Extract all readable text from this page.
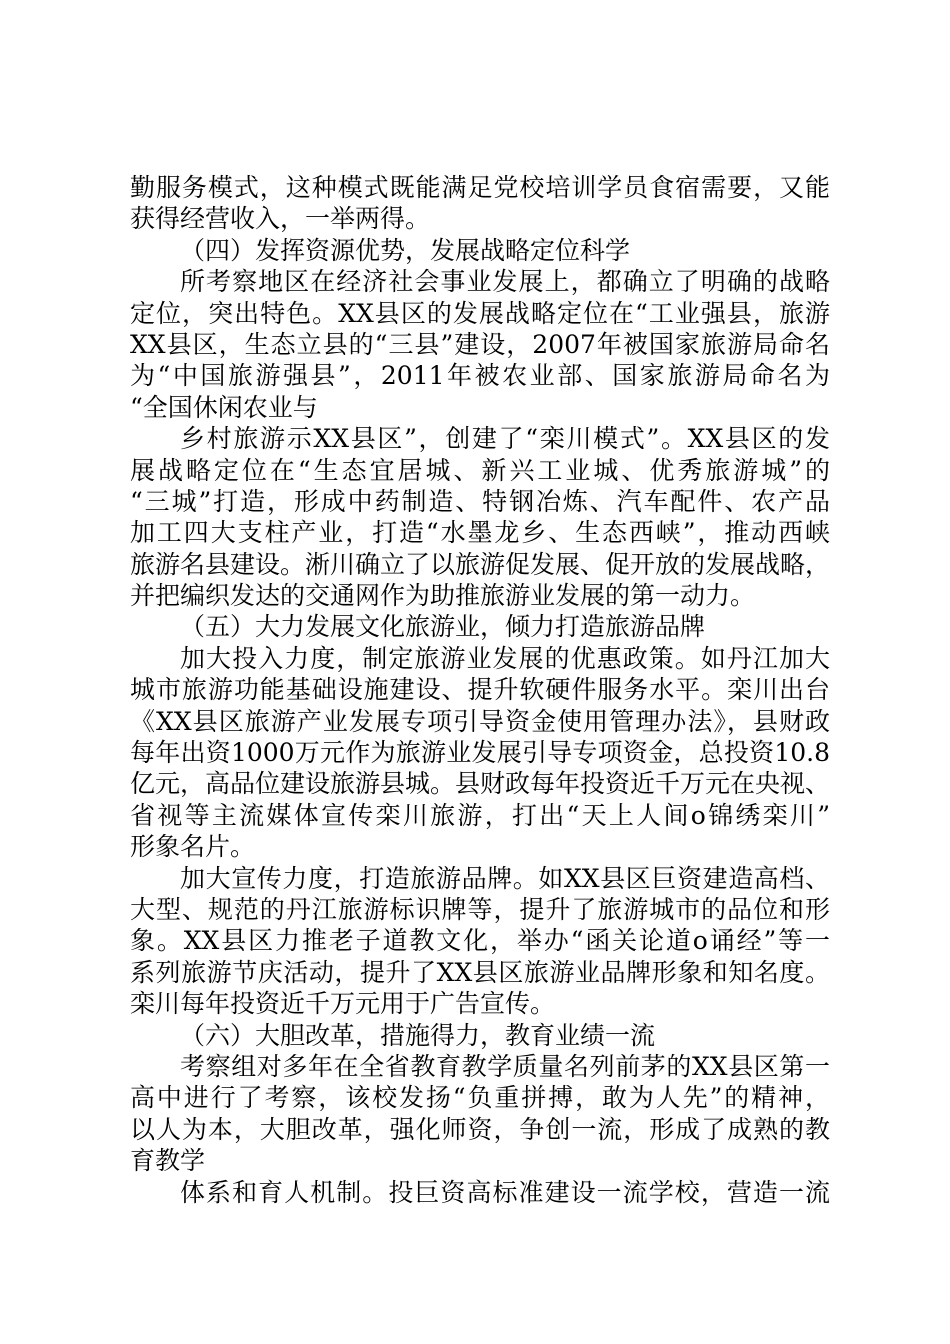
勤服务模式，这种模式既能满足党校培训学员食宿需要，又能
获得经营收入，一举两得。
（四）发挥资源优势，发展战略定位科学
所考察地区在经济社会事业发展上，都确立了明确的战略
定位，突出特色。XX县区的发展战略定位在“工业强县，旅游
XX县区，生态立县的“三县”建设，2007年被国家旅游局命名
为“中国旅游强县”，2011年被农业部、国家旅游局命名为
“全国休闲农业与
乡村旅游示XX县区”，创建了“栾川模式”。XX县区的发
展战略定位在“生态宜居城、新兴工业城、优秀旅游城”的
“三城”打造，形成中药制造、特钢冶炼、汽车配件、农产品
加工四大支柱产业，打造“水墨龙乡、生态西峡”，推动西峡
旅游名县建设。淅川确立了以旅游促发展、促开放的发展战略，
并把编织发达的交通网作为助推旅游业发展的第一动力。
（五）大力发展文化旅游业，倾力打造旅游品牌
加大投入力度，制定旅游业发展的优惠政策。如丹江加大
城市旅游功能基础设施建设、提升软硬件服务水平。栾川出台
《XX县区旅游产业发展专项引导资金使用管理办法》，县财政
每年出资1000万元作为旅游业发展引导专项资金，总投资10.8
亿元，高品位建设旅游县城。县财政每年投资近千万元在央视、
省视等主流媒体宣传栾川旅游，打出“天上人间o锦绣栾川”
形象名片。
加大宣传力度，打造旅游品牌。如XX县区巨资建造高档、
大型、规范的丹江旅游标识牌等，提升了旅游城市的品位和形
象。XX县区力推老子道教文化，举办“函关论道o诵经”等一
系列旅游节庆活动，提升了XX县区旅游业品牌形象和知名度。
栾川每年投资近千万元用于广告宣传。
（六）大胆改革，措施得力，教育业绩一流
考察组对多年在全省教育教学质量名列前茅的XX县区第一
高中进行了考察，该校发扬“负重拼搏，敢为人先”的精神，
以人为本，大胆改革，强化师资，争创一流，形成了成熟的教
育教学
体系和育人机制。投巨资高标准建设一流学校，营造一流
